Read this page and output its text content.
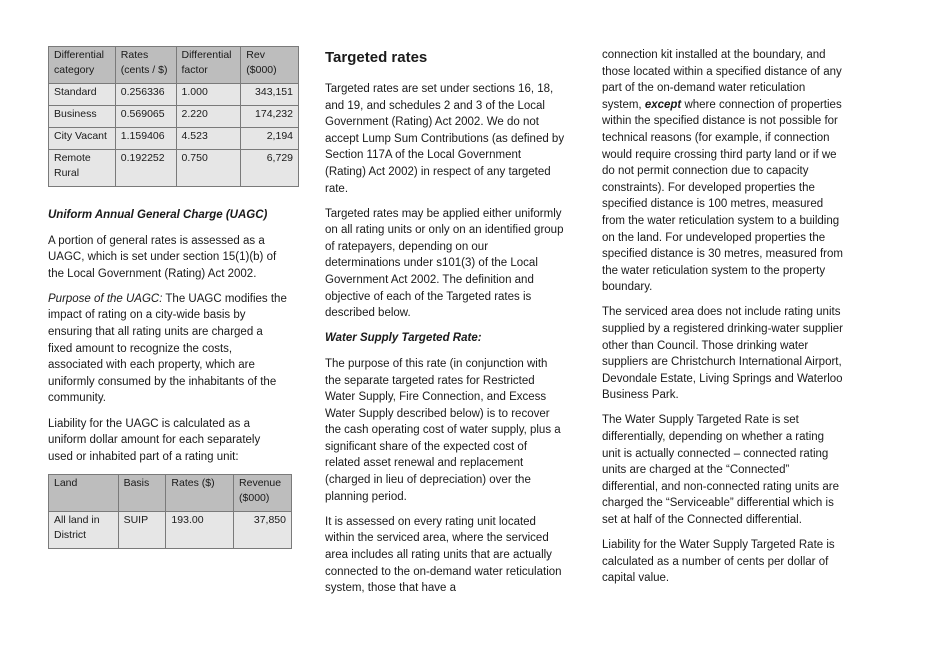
Differential category	Rates (cents / $)	Differential factor	Rev ($000)
Standard	0.256336	1.000	343,151
Business	0.569065	2.220	174,232
City Vacant	1.159406	4.523	2,194
Remote Rural	0.192252	0.750	6,729

Uniform Annual General Charge (UAGC)

A portion of general rates is assessed as a UAGC, which is set under section 15(1)(b) of the Local Government (Rating) Act 2002.

Purpose of the UAGC: The UAGC modifies the impact of rating on a city-wide basis by ensuring that all rating units are charged a fixed amount to recognize the costs, associated with each property, which are uniformly consumed by the inhabitants of the community.

Liability for the UAGC is calculated as a uniform dollar amount for each separately used or inhabited part of a rating unit:

Land	Basis	Rates ($)	Revenue ($000)
All land in District	SUIP	193.00	37,850
Targeted rates

Targeted rates are set under sections 16, 18, and 19, and schedules 2 and 3 of the Local Government (Rating) Act 2002. We do not accept Lump Sum Contributions (as defined by Section 117A of the Local Government (Rating) Act 2002) in respect of any targeted rate.

Targeted rates may be applied either uniformly on all rating units or only on an identified group of ratepayers, depending on our determinations under s101(3) of the Local Government Act 2002. The definition and objective of each of the Targeted rates is described below.

Water Supply Targeted Rate:

The purpose of this rate (in conjunction with the separate targeted rates for Restricted Water Supply, Fire Connection, and Excess Water Supply described below) is to recover the cash operating cost of water supply, plus a significant share of the expected cost of related asset renewal and replacement (charged in lieu of depreciation) over the planning period.

It is assessed on every rating unit located within the serviced area, where the serviced area includes all rating units that are actually connected to the on-demand water reticulation system, those that have a

connection kit installed at the boundary, and those located within a specified distance of any part of the on-demand water reticulation system, except where connection of properties within the specified distance is not possible for technical reasons (for example, if connection would require crossing third party land or if we do not permit connection due to capacity constraints). For developed properties the specified distance is 100 metres, measured from the water reticulation system to a building on the land. For undeveloped properties the specified distance is 30 metres, measured from the water reticulation system to the property boundary.

The serviced area does not include rating units supplied by a registered drinking-water supplier other than Council. Those drinking water suppliers are Christchurch International Airport, Devondale Estate, Living Springs and Waterloo Business Park.

The Water Supply Targeted Rate is set differentially, depending on whether a rating unit is actually connected – connected rating units are charged at the “Connected” differential, and non-connected rating units are charged the “Serviceable” differential which is set at half of the Connected differential.

Liability for the Water Supply Targeted Rate is calculated as a number of cents per dollar of capital value.
